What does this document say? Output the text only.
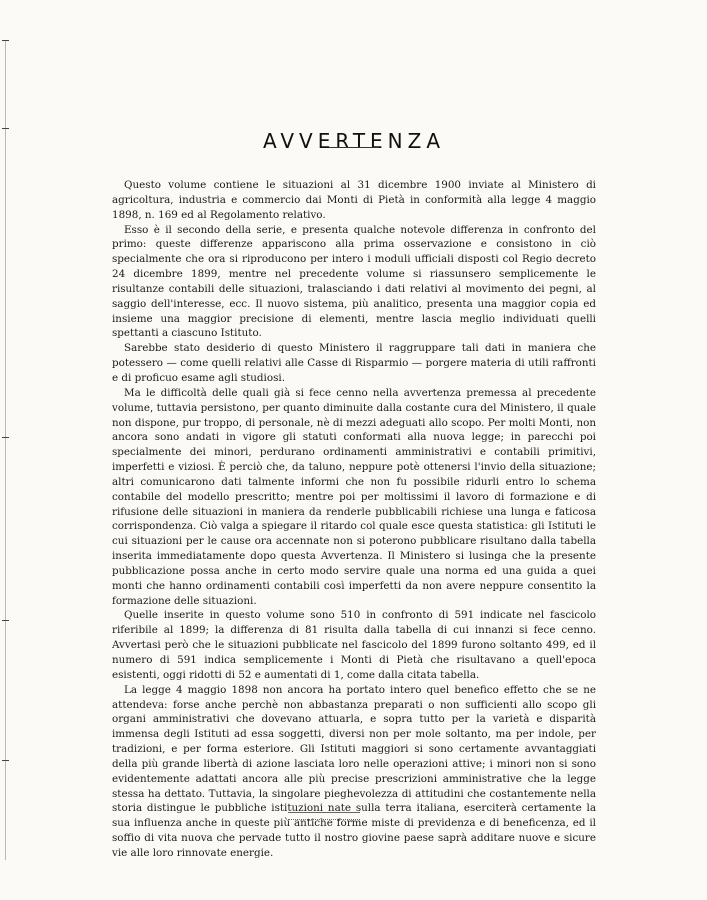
AVVERTENZA

Questo volume contiene le situazioni al 31 dicembre 1900 inviate al Ministero di agricoltura, industria e commercio dai Monti di Pietà in conformità alla legge 4 maggio 1898, n. 169 ed al Regolamento relativo.

Esso è il secondo della serie, e presenta qualche notevole differenza in confronto del primo: queste differenze appariscono alla prima osservazione e consistono in ciò specialmente che ora si riproducono per intero i moduli ufficiali disposti col Regio decreto 24 dicembre 1899, mentre nel precedente volume si riassunsero semplicemente le risultanze contabili delle situazioni, tralasciando i dati relativi al movimento dei pegni, al saggio dell'interesse, ecc. Il nuovo sistema, più analitico, presenta una maggior copia ed insieme una maggior precisione di elementi, mentre lascia meglio individuati quelli spettanti a ciascuno Istituto.

Sarebbe stato desiderio di questo Ministero il raggruppare tali dati in maniera che potessero — come quelli relativi alle Casse di Risparmio — porgere materia di utili raffronti e di proficuo esame agli studiosi.

Ma le difficoltà delle quali già si fece cenno nella avvertenza premessa al precedente volume, tuttavia persistono, per quanto diminuite dalla costante cura del Ministero, il quale non dispone, pur troppo, di personale, nè di mezzi adeguati allo scopo. Per molti Monti, non ancora sono andati in vigore gli statuti conformati alla nuova legge; in parecchi poi specialmente dei minori, perdurano ordinamenti amministrativi e contabili primitivi, imperfetti e viziosi. È perciò che, da taluno, neppure potè ottenersi l'invio della situazione; altri comunicarono dati talmente informi che non fu possibile ridurli entro lo schema contabile del modello prescritto; mentre poi per moltissimi il lavoro di formazione e di rifusione delle situazioni in maniera da renderle pubblicabili richiese una lunga e faticosa corrispondenza. Ciò valga a spiegare il ritardo col quale esce questa statistica: gli Istituti le cui situazioni per le cause ora accennate non si poterono pubblicare risultano dalla tabella inserita immediatamente dopo questa Avvertenza. Il Ministero si lusinga che la presente pubblicazione possa anche in certo modo servire quale una norma ed una guida a quei monti che hanno ordinamenti contabili così imperfetti da non avere neppure consentito la formazione delle situazioni.

Quelle inserite in questo volume sono 510 in confronto di 591 indicate nel fascicolo riferibile al 1899; la differenza di 81 risulta dalla tabella di cui innanzi si fece cenno. Avvertasi però che le situazioni pubblicate nel fascicolo del 1899 furono soltanto 499, ed il numero di 591 indica semplicemente i Monti di Pietà che risultavano a quell'epoca esistenti, oggi ridotti di 52 e aumentati di 1, come dalla citata tabella.

La legge 4 maggio 1898 non ancora ha portato intero quel benefico effetto che se ne attendeva: forse anche perchè non abbastanza preparati o non sufficienti allo scopo gli organi amministrativi che dovevano attuarla, e sopra tutto per la varietà e disparità immensa degli Istituti ad essa soggetti, diversi non per mole soltanto, ma per indole, per tradizioni, e per forma esteriore. Gli Istituti maggiori si sono certamente avvantaggiati della più grande libertà di azione lasciata loro nelle operazioni attive; i minori non si sono evidentemente adattati ancora alle più precise prescrizioni amministrative che la legge stessa ha dettato. Tuttavia, la singolare pieghevolezza di attitudini che costantemente nella storia distingue le pubbliche istituzioni nate sulla terra italiana, eserciterà certamente la sua influenza anche in queste più antiche forme miste di previdenza e di beneficenza, ed il soffio di vita nuova che pervade tutto il nostro giovine paese saprà additare nuove e sicure vie alle loro rinnovate energie.
